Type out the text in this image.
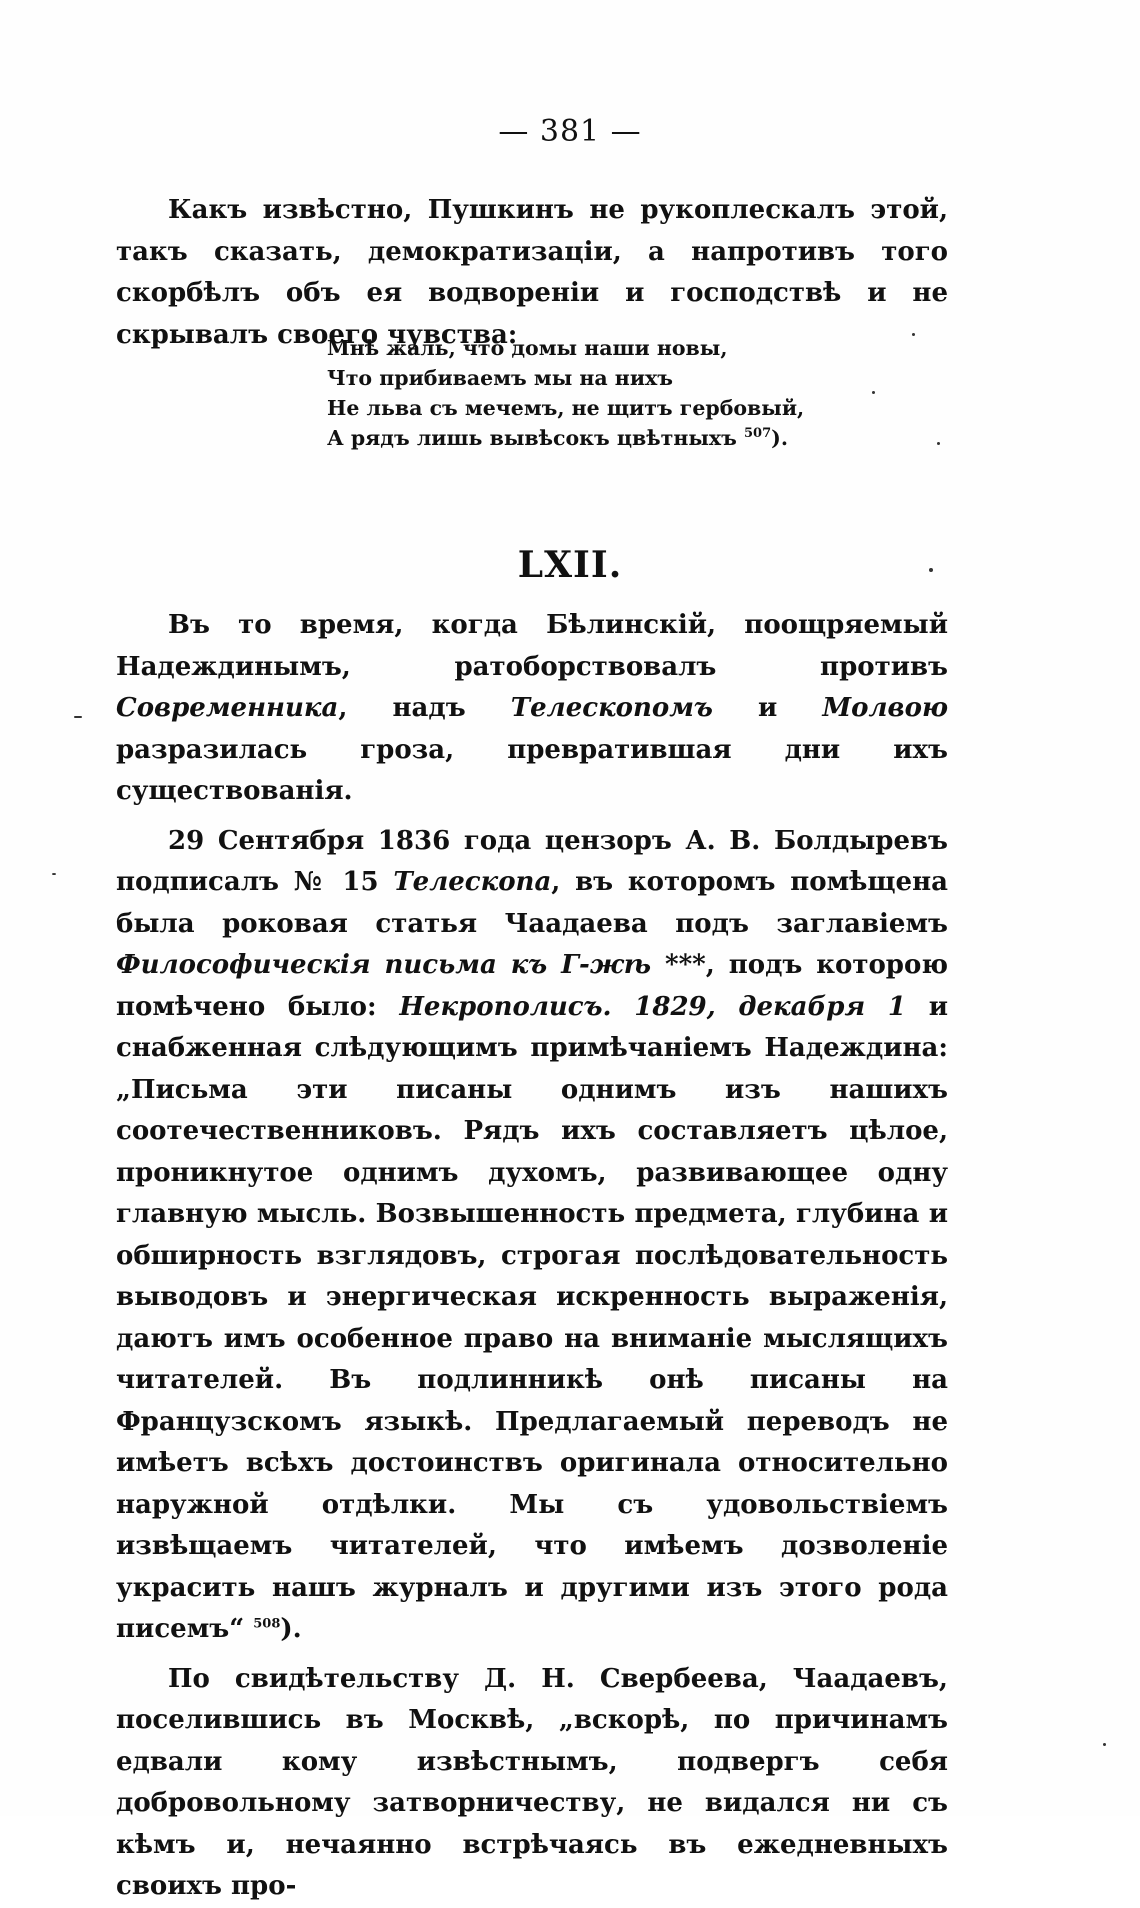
— 381 —

Какъ извѣстно, Пушкинъ не рукоплескалъ этой, такъ сказать, демократизаціи, а напротивъ того скорбѣлъ объ ея водвореніи и господствѣ и не скрывалъ своего чувства:

Мнѣ жаль, что домы наши новы,
Что прибиваемъ мы на нихъ
Не льва съ мечемъ, не щитъ гербовый,
А рядъ лишь вывѣсокъ цвѣтныхъ $^{507}$).
LXII.

Въ то время, когда Бѣлинскій, поощряемый Надеждинымъ, ратоборствовалъ противъ Современника, надъ Телескопомъ и Молвою разразилась гроза, превратившая дни ихъ существованія.

29 Сентября 1836 года цензоръ А. В. Болдыревъ подписалъ № 15 Телескопа, въ которомъ помѣщена была роковая статья Чаадаева подъ заглавіемъ Философическія письма къ Г-жѣ ***, подъ которою помѣчено было: Некрополисъ. 1829, декабря 1 и снабженная слѣдующимъ примѣчаніемъ Надеждина: „Письма эти писаны однимъ изъ нашихъ соотечественниковъ. Рядъ ихъ составляетъ цѣлое, проникнутое однимъ духомъ, развивающее одну главную мысль. Возвышенность предмета, глубина и обширность взглядовъ, строгая послѣдовательность выводовъ и энергическая искренность выраженія, даютъ имъ особенное право на вниманіе мыслящихъ читателей. Въ подлинникѣ онѣ писаны на Французскомъ языкѣ. Предлагаемый переводъ не имѣетъ всѣхъ достоинствъ оригинала относительно наружной отдѣлки. Мы съ удовольствіемъ извѣщаемъ читателей, что имѣемъ дозволеніе украсить нашъ журналъ и другими изъ этого рода писемъ“ $^{508}$).

По свидѣтельству Д. Н. Свербеева, Чаадаевъ, поселившись въ Москвѣ, „вскорѣ, по причинамъ едвали кому извѣстнымъ, подвергъ себя добровольному затворничеству, не видался ни съ кѣмъ и, нечаянно встрѣчаясь въ ежедневныхъ своихъ про-
